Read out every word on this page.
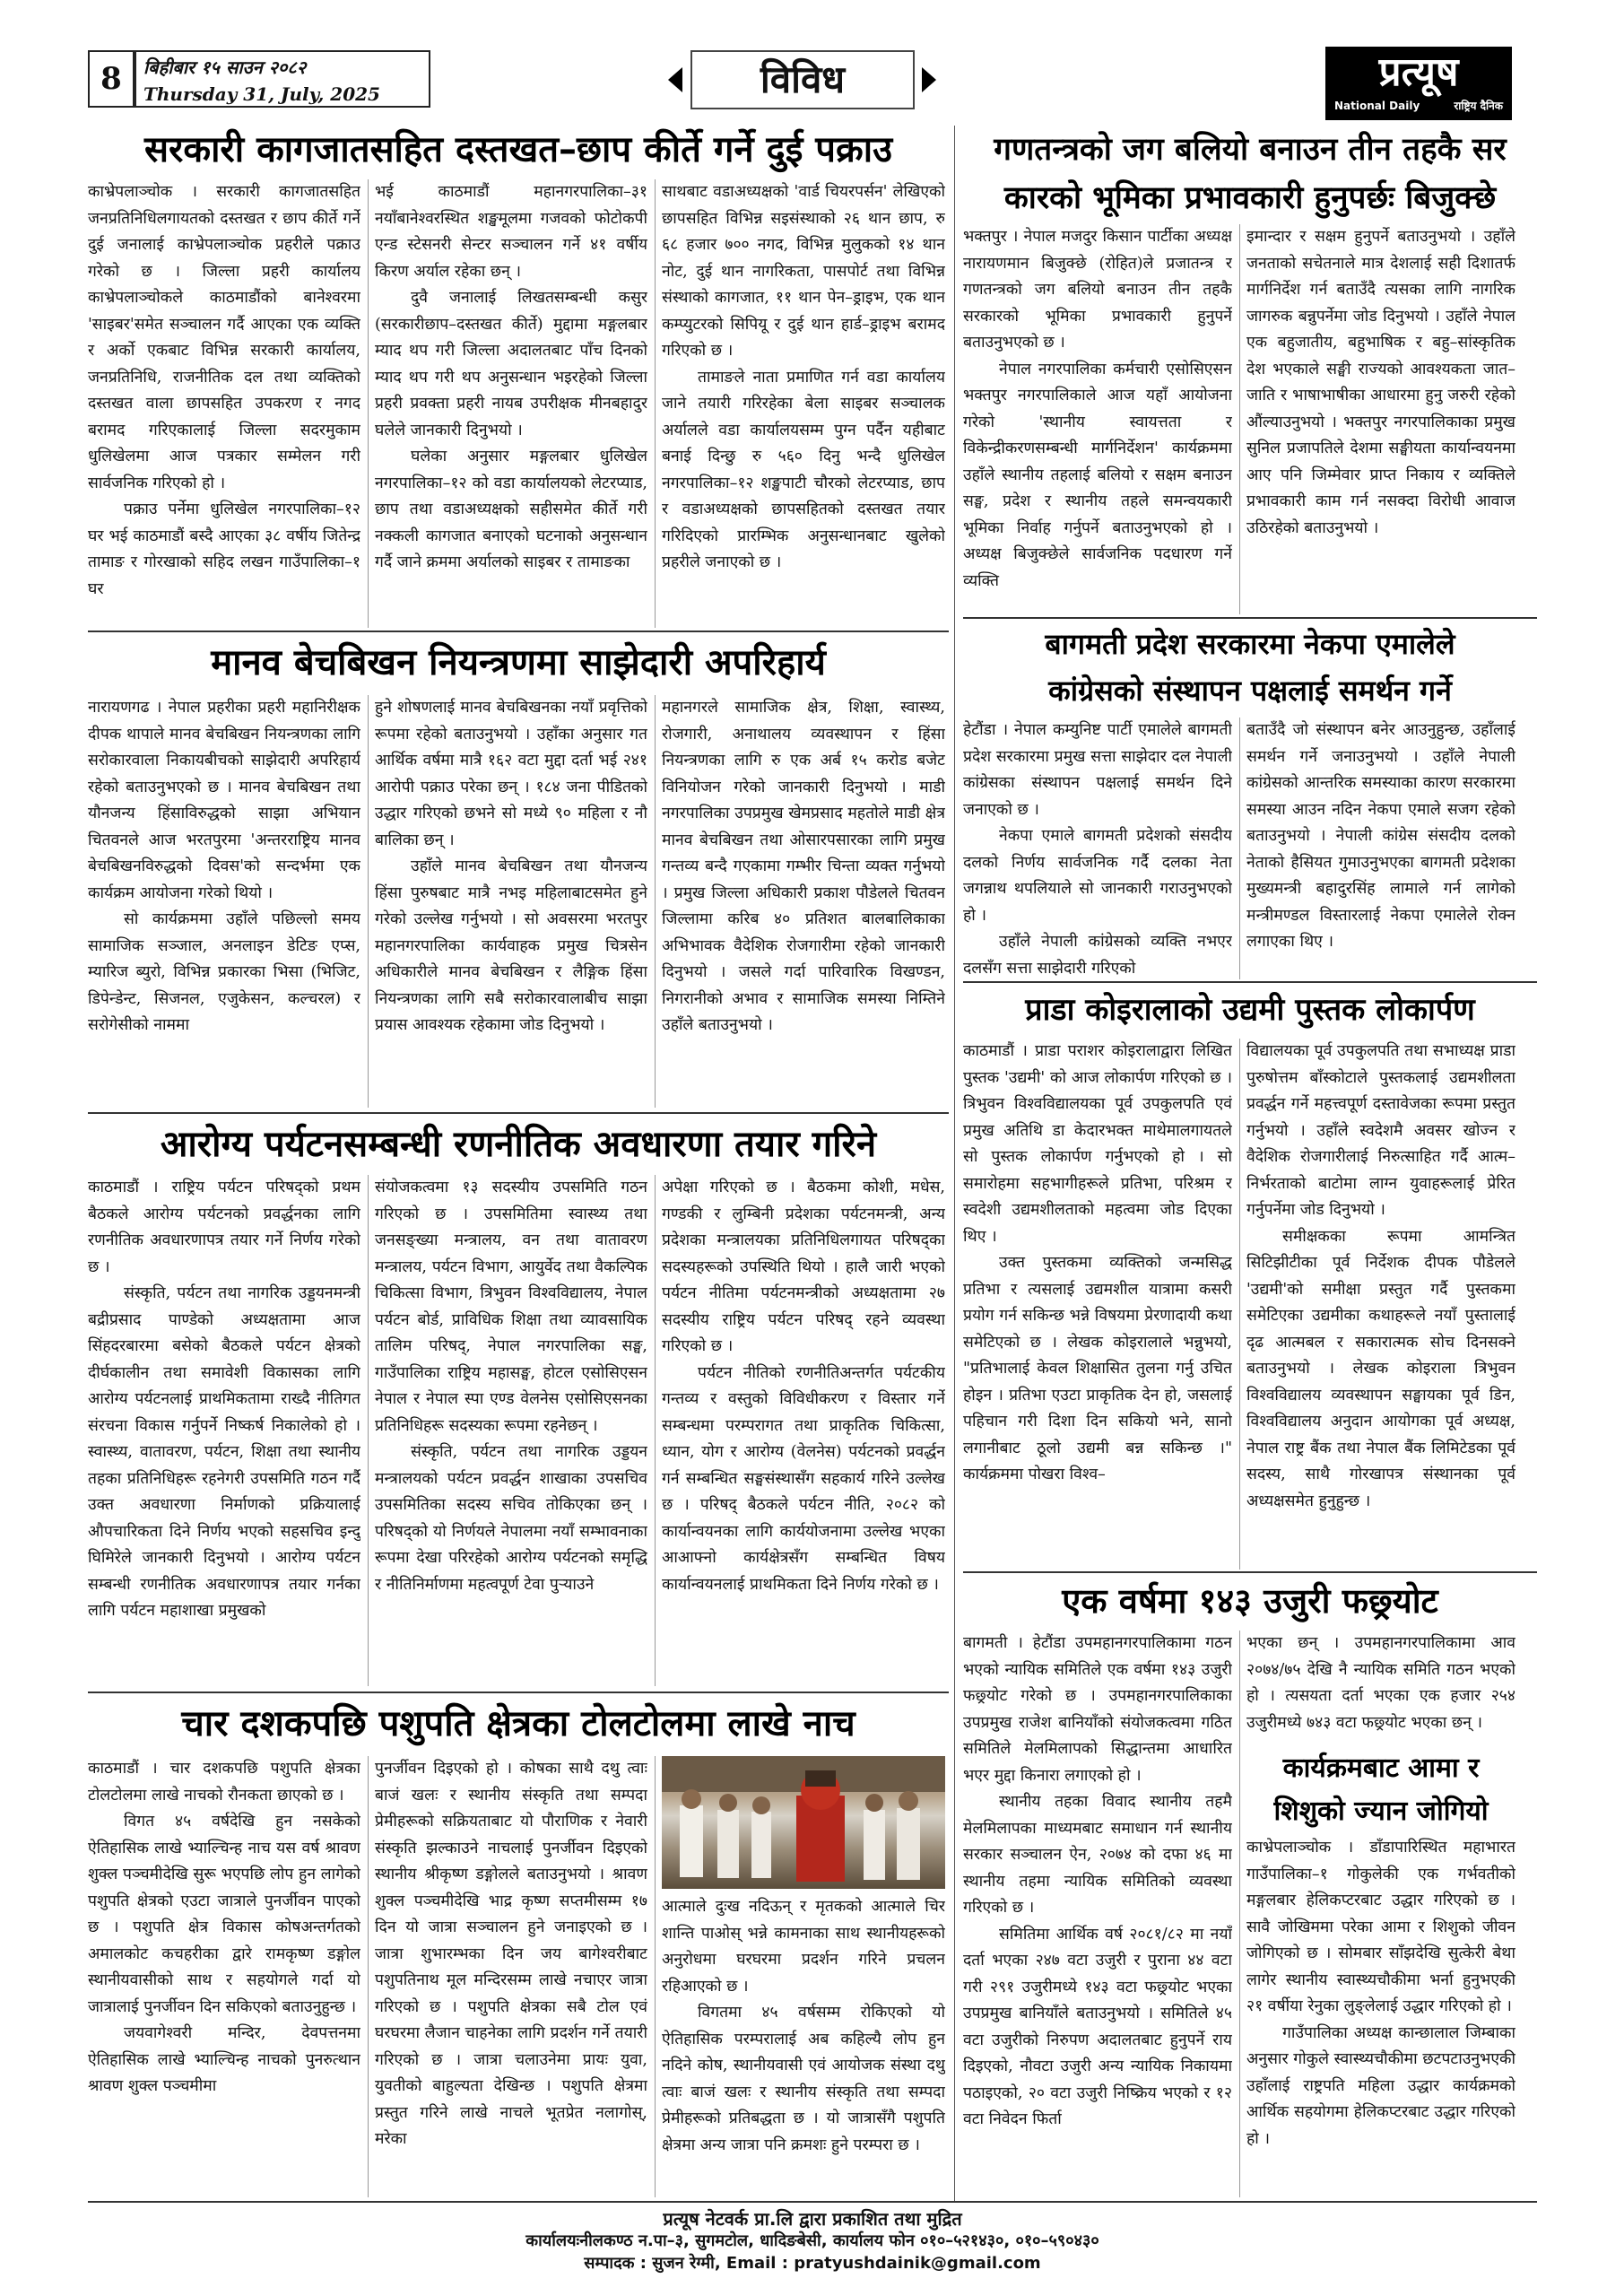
8	बिहीबार १५ साउन २०८२
Thursday 31, July, 2025	विविध	प्रत्यूष
National Daily	राष्ट्रिय दैनिक
सरकारी कागजातसहित दस्तखत–छाप कीर्ते गर्ने दुई पक्राउ

काभ्रेपलाञ्चोक । सरकारी कागजातसहित जनप्रतिनिधिलगायतको दस्तखत र छाप कीर्ते गर्ने दुई जनालाई काभ्रेपलाञ्चोक प्रहरीले पक्राउ गरेको छ । जिल्ला प्रहरी कार्यालय काभ्रेपलाञ्चोकले काठमाडौंको बानेश्वरमा 'साइबर'समेत सञ्चालन गर्दै आएका एक व्यक्ति र अर्को एकबाट विभिन्न सरकारी कार्यालय, जनप्रतिनिधि, राजनीतिक दल तथा व्यक्तिको दस्तखत वाला छापसहित उपकरण र नगद बरामद गरिएकालाई जिल्ला सदरमुकाम धुलिखेलमा आज पत्रकार सम्मेलन गरी सार्वजनिक गरिएको हो ।

पक्राउ पर्नेमा धुलिखेल नगरपालिका–१२ घर भई काठमाडौं बस्दै आएका ३८ वर्षीय जितेन्द्र तामाङ र गोरखाको सहिद लखन गाउँपालिका–१ घर

भई काठमाडौं महानगरपालिका–३१ नयाँबानेश्वरस्थित शङ्खमूलमा गजवको फोटोकपी एन्ड स्टेसनरी सेन्टर सञ्चालन गर्ने ४१ वर्षीय किरण अर्याल रहेका छन् ।

दुवै जनालाई लिखतसम्बन्धी कसुर (सरकारीछाप–दस्तखत कीर्ते) मुद्दामा मङ्गलबार म्याद थप गरी जिल्ला अदालतबाट पाँच दिनको म्याद थप गरी थप अनुसन्धान भइरहेको जिल्ला प्रहरी प्रवक्ता प्रहरी नायब उपरीक्षक मीनबहादुर घलेले जानकारी दिनुभयो ।

घलेका अनुसार मङ्गलबार धुलिखेल नगरपालिका–१२ को वडा कार्यालयको लेटरप्याड, छाप तथा वडाअध्यक्षको सहीसमेत कीर्ते गरी नक्कली कागजात बनाएको घटनाको अनुसन्धान गर्दै जाने क्रममा अर्यालको साइबर र तामाङका

साथबाट वडाअध्यक्षको 'वार्ड चियरपर्सन' लेखिएको छापसहित विभिन्न सइसंस्थाको २६ थान छाप, रु ६८ हजार ७०० नगद, विभिन्न मुलुकको १४ थान नोट, दुई थान नागरिकता, पासपोर्ट तथा विभिन्न संस्थाको कागजात, ११ थान पेन–ड्राइभ, एक थान कम्प्युटरको सिपियू र दुई थान हार्ड–ड्राइभ बरामद गरिएको छ ।

तामाङले नाता प्रमाणित गर्न वडा कार्यालय जाने तयारी गरिरहेका बेला साइबर सञ्चालक अर्यालले वडा कार्यालयसम्म पुग्न पर्दैन यहीबाट बनाई दिन्छु रु ५६० दिनु भन्दै धुलिखेल नगरपालिका–१२ शङ्खपाटी चौरको लेटरप्याड, छाप र वडाअध्यक्षको छापसहितको दस्तखत तयार गरिदिएको प्रारम्भिक अनुसन्धानबाट खुलेको प्रहरीले जनाएको छ ।

गणतन्त्रको जग बलियो बनाउन तीन तहकै सर
कारको भूमिका प्रभावकारी हुनुपर्छः बिजुक्छे

भक्तपुर । नेपाल मजदुर किसान पार्टीका अध्यक्ष नारायणमान बिजुक्छे (रोहित)ले प्रजातन्त्र र गणतन्त्रको जग बलियो बनाउन तीन तहकै सरकारको भूमिका प्रभावकारी हुनुपर्ने बताउनुभएको छ ।

नेपाल नगरपालिका कर्मचारी एसोसिएसन भक्तपुर नगरपालिकाले आज यहाँ आयोजना गरेको 'स्थानीय स्वायत्तता र विकेन्द्रीकरणसम्बन्धी मार्गनिर्देशन' कार्यक्रममा उहाँले स्थानीय तहलाई बलियो र सक्षम बनाउन सङ्घ, प्रदेश र स्थानीय तहले समन्वयकारी भूमिका निर्वाह गर्नुपर्ने बताउनुभएको हो । अध्यक्ष बिजुक्छेले सार्वजनिक पदधारण गर्ने व्यक्ति

इमान्दार र सक्षम हुनुपर्ने बताउनुभयो । उहाँले जनताको सचेतनाले मात्र देशलाई सही दिशातर्फ मार्गनिर्देश गर्न बताउँदै त्यसका लागि नागरिक जागरुक बन्नुपर्नेमा जोड दिनुभयो । उहाँले नेपाल एक बहुजातीय, बहुभाषिक र बहु–सांस्कृतिक देश भएकाले सङ्घी राज्यको आवश्यकता जात–जाति र भाषाभाषीका आधारमा हुनु जरुरी रहेको औंल्याउनुभयो । भक्तपुर नगरपालिकाका प्रमुख सुनिल प्रजापतिले देशमा सङ्घीयता कार्यान्वयनमा आए पनि जिम्मेवार प्राप्त निकाय र व्यक्तिले प्रभावकारी काम गर्न नसक्दा विरोधी आवाज उठिरहेको बताउनुभयो ।

मानव बेचबिखन नियन्त्रणमा साझेदारी अपरिहार्य

नारायणगढ । नेपाल प्रहरीका प्रहरी महानिरीक्षक दीपक थापाले मानव बेचबिखन नियन्त्रणका लागि सरोकारवाला निकायबीचको साझेदारी अपरिहार्य रहेको बताउनुभएको छ । मानव बेचबिखन तथा यौनजन्य हिंसाविरुद्धको साझा अभियान चितवनले आज भरतपुरमा 'अन्तरराष्ट्रिय मानव बेचबिखनविरुद्धको दिवस'को सन्दर्भमा एक कार्यक्रम आयोजना गरेको थियो ।

सो कार्यक्रममा उहाँले पछिल्लो समय सामाजिक सञ्जाल, अनलाइन डेटिङ एप्स, म्यारिज ब्युरो, विभिन्न प्रकारका भिसा (भिजिट, डिपेन्डेन्ट, सिजनल, एजुकेसन, कल्चरल) र सरोगेसीको नाममा

हुने शोषणलाई मानव बेचबिखनका नयाँ प्रवृत्तिको रूपमा रहेको बताउनुभयो । उहाँका अनुसार गत आर्थिक वर्षमा मात्रै १६२ वटा मुद्दा दर्ता भई २४१ आरोपी पक्राउ परेका छन् । १८४ जना पीडितको उद्धार गरिएको छभने सो मध्ये ९० महिला र नौ बालिका छन् ।

उहाँले मानव बेचबिखन तथा यौनजन्य हिंसा पुरुषबाट मात्रै नभइ महिलाबाटसमेत हुने गरेको उल्लेख गर्नुभयो । सो अवसरमा भरतपुर महानगरपालिका कार्यवाहक प्रमुख चित्रसेन अधिकारीले मानव बेचबिखन र लैङ्गिक हिंसा नियन्त्रणका लागि सबै सरोकारवालाबीच साझा प्रयास आवश्यक रहेकामा जोड दिनुभयो ।

महानगरले सामाजिक क्षेत्र, शिक्षा, स्वास्थ्य, रोजगारी, अनाथालय व्यवस्थापन र हिंसा नियन्त्रणका लागि रु एक अर्ब १५ करोड बजेट विनियोजन गरेको जानकारी दिनुभयो । माडी नगरपालिका उपप्रमुख खेमप्रसाद महतोले माडी क्षेत्र मानव बेचबिखन तथा ओसारपसारका लागि प्रमुख गन्तव्य बन्दै गएकामा गम्भीर चिन्ता व्यक्त गर्नुभयो । प्रमुख जिल्ला अधिकारी प्रकाश पौडेलले चितवन जिल्लामा करिब ४० प्रतिशत बालबालिकाका अभिभावक वैदेशिक रोजगारीमा रहेको जानकारी दिनुभयो । जसले गर्दा पारिवारिक विखण्डन, निगरानीको अभाव र सामाजिक समस्या निम्तिने उहाँले बताउनुभयो ।

बागमती प्रदेश सरकारमा नेकपा एमालेले
कांग्रेसको संस्थापन पक्षलाई समर्थन गर्ने

हेटौंडा । नेपाल कम्युनिष्ट पार्टी एमालेले बागमती प्रदेश सरकारमा प्रमुख सत्ता साझेदार दल नेपाली कांग्रेसका संस्थापन पक्षलाई समर्थन दिने जनाएको छ ।

नेकपा एमाले बागमती प्रदेशको संसदीय दलको निर्णय सार्वजनिक गर्दै दलका नेता जगन्नाथ थपलियाले सो जानकारी गराउनुभएको हो ।

उहाँले नेपाली कांग्रेसको व्यक्ति नभएर दलसँग सत्ता साझेदारी गरिएको

बताउँदै जो संस्थापन बनेर आउनुहुन्छ, उहाँलाई समर्थन गर्ने जनाउनुभयो । उहाँले नेपाली कांग्रेसको आन्तरिक समस्याका कारण सरकारमा समस्या आउन नदिन नेकपा एमाले सजग रहेको बताउनुभयो । नेपाली कांग्रेस संसदीय दलको नेताको हैसियत गुमाउनुभएका बागमती प्रदेशका मुख्यमन्त्री बहादुरसिंह लामाले गर्न लागेको मन्त्रीमण्डल विस्तारलाई नेकपा एमालेले रोक्न लगाएका थिए ।

प्राडा कोइरालाको उद्यमी पुस्तक लोकार्पण

काठमाडौं । प्राडा पराशर कोइरालाद्वारा लिखित पुस्तक 'उद्यमी' को आज लोकार्पण गरिएको छ । त्रिभुवन विश्वविद्यालयका पूर्व उपकुलपति एवं प्रमुख अतिथि डा केदारभक्त माथेमालगायतले सो पुस्तक लोकार्पण गर्नुभएको हो । सो समारोहमा सहभागीहरूले प्रतिभा, परिश्रम र स्वदेशी उद्यमशीलताको महत्वमा जोड दिएका थिए ।

उक्त पुस्तकमा व्यक्तिको जन्मसिद्ध प्रतिभा र त्यसलाई उद्यमशील यात्रामा कसरी प्रयोग गर्न सकिन्छ भन्ने विषयमा प्रेरणादायी कथा समेटिएको छ । लेखक कोइरालाले भन्नुभयो, "प्रतिभालाई केवल शिक्षासित तुलना गर्नु उचित होइन । प्रतिभा एउटा प्राकृतिक देन हो, जसलाई पहिचान गरी दिशा दिन सकियो भने, सानो लगानीबाट ठूलो उद्यमी बन्न सकिन्छ ।" कार्यक्रममा पोखरा विश्व–

विद्यालयका पूर्व उपकुलपति तथा सभाध्यक्ष प्राडा पुरुषोत्तम बाँस्कोटाले पुस्तकलाई उद्यमशीलता प्रवर्द्धन गर्ने महत्त्वपूर्ण दस्तावेजका रूपमा प्रस्तुत गर्नुभयो । उहाँले स्वदेशमै अवसर खोज्न र वैदेशिक रोजगारीलाई निरुत्साहित गर्दै आत्म–निर्भरताको बाटोमा लाग्न युवाहरूलाई प्रेरित गर्नुपर्नेमा जोड दिनुभयो ।

समीक्षकका रूपमा आमन्त्रित सिटिझीटीका पूर्व निर्देशक दीपक पौडेलले 'उद्यमी'को समीक्षा प्रस्तुत गर्दै पुस्तकमा समेटिएका उद्यमीका कथाहरूले नयाँ पुस्तालाई दृढ आत्मबल र सकारात्मक सोच दिनसक्ने बताउनुभयो । लेखक कोइराला त्रिभुवन विश्वविद्यालय व्यवस्थापन सङ्घायका पूर्व डिन, विश्वविद्यालय अनुदान आयोगका पूर्व अध्यक्ष, नेपाल राष्ट्र बैंक तथा नेपाल बैंक लिमिटेडका पूर्व सदस्य, साथै गोरखापत्र संस्थानका पूर्व अध्यक्षसमेत हुनुहुन्छ ।

आरोग्य पर्यटनसम्बन्धी रणनीतिक अवधारणा तयार गरिने

काठमाडौं । राष्ट्रिय पर्यटन परिषद्को प्रथम बैठकले आरोग्य पर्यटनको प्रवर्द्धनका लागि रणनीतिक अवधारणापत्र तयार गर्ने निर्णय गरेको छ ।

संस्कृति, पर्यटन तथा नागरिक उड्डयनमन्त्री बद्रीप्रसाद पाण्डेको अध्यक्षतामा आज सिंहदरबारमा बसेको बैठकले पर्यटन क्षेत्रको दीर्घकालीन तथा समावेशी विकासका लागि आरोग्य पर्यटनलाई प्राथमिकतामा राख्दै नीतिगत संरचना विकास गर्नुपर्ने निष्कर्ष निकालेको हो । स्वास्थ्य, वातावरण, पर्यटन, शिक्षा तथा स्थानीय तहका प्रतिनिधिहरू रहनेगरी उपसमिति गठन गर्दै उक्त अवधारणा निर्माणको प्रक्रियालाई औपचारिकता दिने निर्णय भएको सहसचिव इन्दु घिमिरेले जानकारी दिनुभयो । आरोग्य पर्यटन सम्बन्धी रणनीतिक अवधारणापत्र तयार गर्नका लागि पर्यटन महाशाखा प्रमुखको

संयोजकत्वमा १३ सदस्यीय उपसमिति गठन गरिएको छ । उपसमितिमा स्वास्थ्य तथा जनसङ्ख्या मन्त्रालय, वन तथा वातावरण मन्त्रालय, पर्यटन विभाग, आयुर्वेद तथा वैकल्पिक चिकित्सा विभाग, त्रिभुवन विश्वविद्यालय, नेपाल पर्यटन बोर्ड, प्राविधिक शिक्षा तथा व्यावसायिक तालिम परिषद्, नेपाल नगरपालिका सङ्घ, गाउँपालिका राष्ट्रिय महासङ्घ, होटल एसोसिएसन नेपाल र नेपाल स्पा एण्ड वेलनेस एसोसिएसनका प्रतिनिधिहरू सदस्यका रूपमा रहनेछन् ।

संस्कृति, पर्यटन तथा नागरिक उड्डयन मन्त्रालयको पर्यटन प्रवर्द्धन शाखाका उपसचिव उपसमितिका सदस्य सचिव तोकिएका छन् । परिषद्को यो निर्णयले नेपालमा नयाँ सम्भावनाका रूपमा देखा परिरहेको आरोग्य पर्यटनको समृद्धि र नीतिनिर्माणमा महत्वपूर्ण टेवा पुऱ्याउने

अपेक्षा गरिएको छ । बैठकमा कोशी, मधेस, गण्डकी र लुम्बिनी प्रदेशका पर्यटनमन्त्री, अन्य प्रदेशका मन्त्रालयका प्रतिनिधिलगायत परिषद्का सदस्यहरूको उपस्थिति थियो । हालै जारी भएको पर्यटन नीतिमा पर्यटनमन्त्रीको अध्यक्षतामा २७ सदस्यीय राष्ट्रिय पर्यटन परिषद् रहने व्यवस्था गरिएको छ ।

पर्यटन नीतिको रणनीतिअन्तर्गत पर्यटकीय गन्तव्य र वस्तुको विविधीकरण र विस्तार गर्ने सम्बन्धमा परम्परागत तथा प्राकृतिक चिकित्सा, ध्यान, योग र आरोग्य (वेलनेस) पर्यटनको प्रवर्द्धन गर्न सम्बन्धित सङ्घसंस्थासँग सहकार्य गरिने उल्लेख छ । परिषद् बैठकले पर्यटन नीति, २०८२ को कार्यान्वयनका लागि कार्ययोजनामा उल्लेख भएका आआफ्नो कार्यक्षेत्रसँग सम्बन्धित विषय कार्यान्वयनलाई प्राथमिकता दिने निर्णय गरेको छ ।	एक वर्षमा १४३ उजुरी फछ्र्योट

बागमती । हेटौंडा उपमहानगरपालिकामा गठन भएको न्यायिक समितिले एक वर्षमा १४३ उजुरी फछ्र्योट गरेको छ । उपमहानगरपालिकाका उपप्रमुख राजेश बानियाँको संयोजकत्वमा गठित समितिले मेलमिलापको सिद्धान्तमा आधारित भएर मुद्दा किनारा लगाएको हो ।

स्थानीय तहका विवाद स्थानीय तहमै मेलमिलापका माध्यमबाट समाधान गर्न स्थानीय सरकार सञ्चालन ऐन, २०७४ को दफा ४६ मा स्थानीय तहमा न्यायिक समितिको व्यवस्था गरिएको छ ।

समितिमा आर्थिक वर्ष २०८१/८२ मा नयाँ दर्ता भएका २४७ वटा उजुरी र पुराना ४४ वटा गरी २९१ उजुरीमध्ये १४३ वटा फछ्र्योट भएका उपप्रमुख बानियाँले बताउनुभयो । समितिले ४५ वटा उजुरीको निरुपण अदालतबाट हुनुपर्ने राय दिइएको, नौवटा उजुरी अन्य न्यायिक निकायमा पठाइएको, २० वटा उजुरी निष्क्रिय भएको र १२ वटा निवेदन फिर्ता

भएका छन् । उपमहानगरपालिकामा आव २०७४/७५ देखि नै न्यायिक समिति गठन भएको हो । त्यसयता दर्ता भएका एक हजार २५४ उजुरीमध्ये ७४३ वटा फछ्र्योट भएका छन् ।

कार्यक्रमबाट आमा र
शिशुको ज्यान जोगियो

काभ्रेपलाञ्चोक । डाँडापारिस्थित महाभारत गाउँपालिका–१ गोकुलेकी एक गर्भवतीको मङ्गलबार हेलिकप्टरबाट उद्धार गरिएको छ । सावै जोखिममा परेका आमा र शिशुको जीवन जोगिएको छ । सोमबार साँझदेखि सुत्केरी बेथा लागेर स्थानीय स्वास्थ्यचौकीमा भर्ना हुनुभएकी २१ वर्षीया रेनुका लुङ्लेलाई उद्धार गरिएको हो ।

गाउँपालिका अध्यक्ष कान्छालाल जिम्बाका अनुसार गोकुले स्वास्थ्यचौकीमा छटपटाउनुभएकी उहाँलाई राष्ट्रपति महिला उद्धार कार्यक्रमको आर्थिक सहयोगमा हेलिकप्टरबाट उद्धार गरिएको हो ।

चार दशकपछि पशुपति क्षेत्रका टोलटोलमा लाखे नाच

काठमाडौं । चार दशकपछि पशुपति क्षेत्रका टोलटोलमा लाखे नाचको रौनकता छाएको छ ।

विगत ४५ वर्षदेखि हुन नसकेको ऐतिहासिक लाखे भ्याल्चिन्ह नाच यस वर्ष श्रावण शुक्ल पञ्चमीदेखि सुरू भएपछि लोप हुन लागेको पशुपति क्षेत्रको एउटा जात्राले पुनर्जीवन पाएको छ । पशुपति क्षेत्र विकास कोषअन्तर्गतको अमालकोट कचहरीका द्वारे रामकृष्ण डङ्गोल स्थानीयवासीको साथ र सहयोगले गर्दा यो जात्रालाई पुनर्जीवन दिन सकिएको बताउनुहुन्छ ।

जयवागेश्वरी मन्दिर, देवपत्तनमा ऐतिहासिक लाखे भ्याल्चिन्ह नाचको पुनरुत्थान श्रावण शुक्ल पञ्चमीमा

पुनर्जीवन दिइएको हो । कोषका साथै दथु त्वाः बाजं खलः र स्थानीय संस्कृति तथा सम्पदा प्रेमीहरूको सक्रियताबाट यो पौराणिक र नेवारी संस्कृति झल्काउने नाचलाई पुनर्जीवन दिइएको स्थानीय श्रीकृष्ण डङ्गोलले बताउनुभयो । श्रावण शुक्ल पञ्चमीदेखि भाद्र कृष्ण सप्तमीसम्म १७ दिन यो जात्रा सञ्चालन हुने जनाइएको छ । जात्रा शुभारम्भका दिन जय बागेश्वरीबाट पशुपतिनाथ मूल मन्दिरसम्म लाखे नचाएर जात्रा गरिएको छ । पशुपति क्षेत्रका सबै टोल एवं घरघरमा लैजान चाहनेका लागि प्रदर्शन गर्ने तयारी गरिएको छ । जात्रा चलाउनेमा प्रायः युवा, युवतीको बाहुल्यता देखिन्छ । पशुपति क्षेत्रमा प्रस्तुत गरिने लाखे नाचले भूतप्रेत नलागोस्, मरेका

आत्माले दुःख नदिऊन् र मृतकको आत्माले चिर शान्ति पाओस् भन्ने कामनाका साथ स्थानीयहरूको अनुरोधमा घरघरमा प्रदर्शन गरिने प्रचलन रहिआएको छ ।

विगतमा ४५ वर्षसम्म रोकिएको यो ऐतिहासिक परम्परालाई अब कहिल्यै लोप हुन नदिने कोष, स्थानीयवासी एवं आयोजक संस्था दथु त्वाः बाजं खलः र स्थानीय संस्कृति तथा सम्पदा प्रेमीहरूको प्रतिबद्धता छ । यो जात्रासँगै पशुपति क्षेत्रमा अन्य जात्रा पनि क्रमशः हुने परम्परा छ ।

प्रत्यूष नेटवर्क प्रा.लि द्वारा प्रकाशित तथा मुद्रित
कार्यालयःनीलकण्ठ न.पा–३, सुगमटोल, धादिङबेसी, कार्यालय फोन ०१०–५२१४३०, ०१०–५९०४३०
सम्पादक : सुजन रेग्मी, Email : pratyushdainik@gmail.com
